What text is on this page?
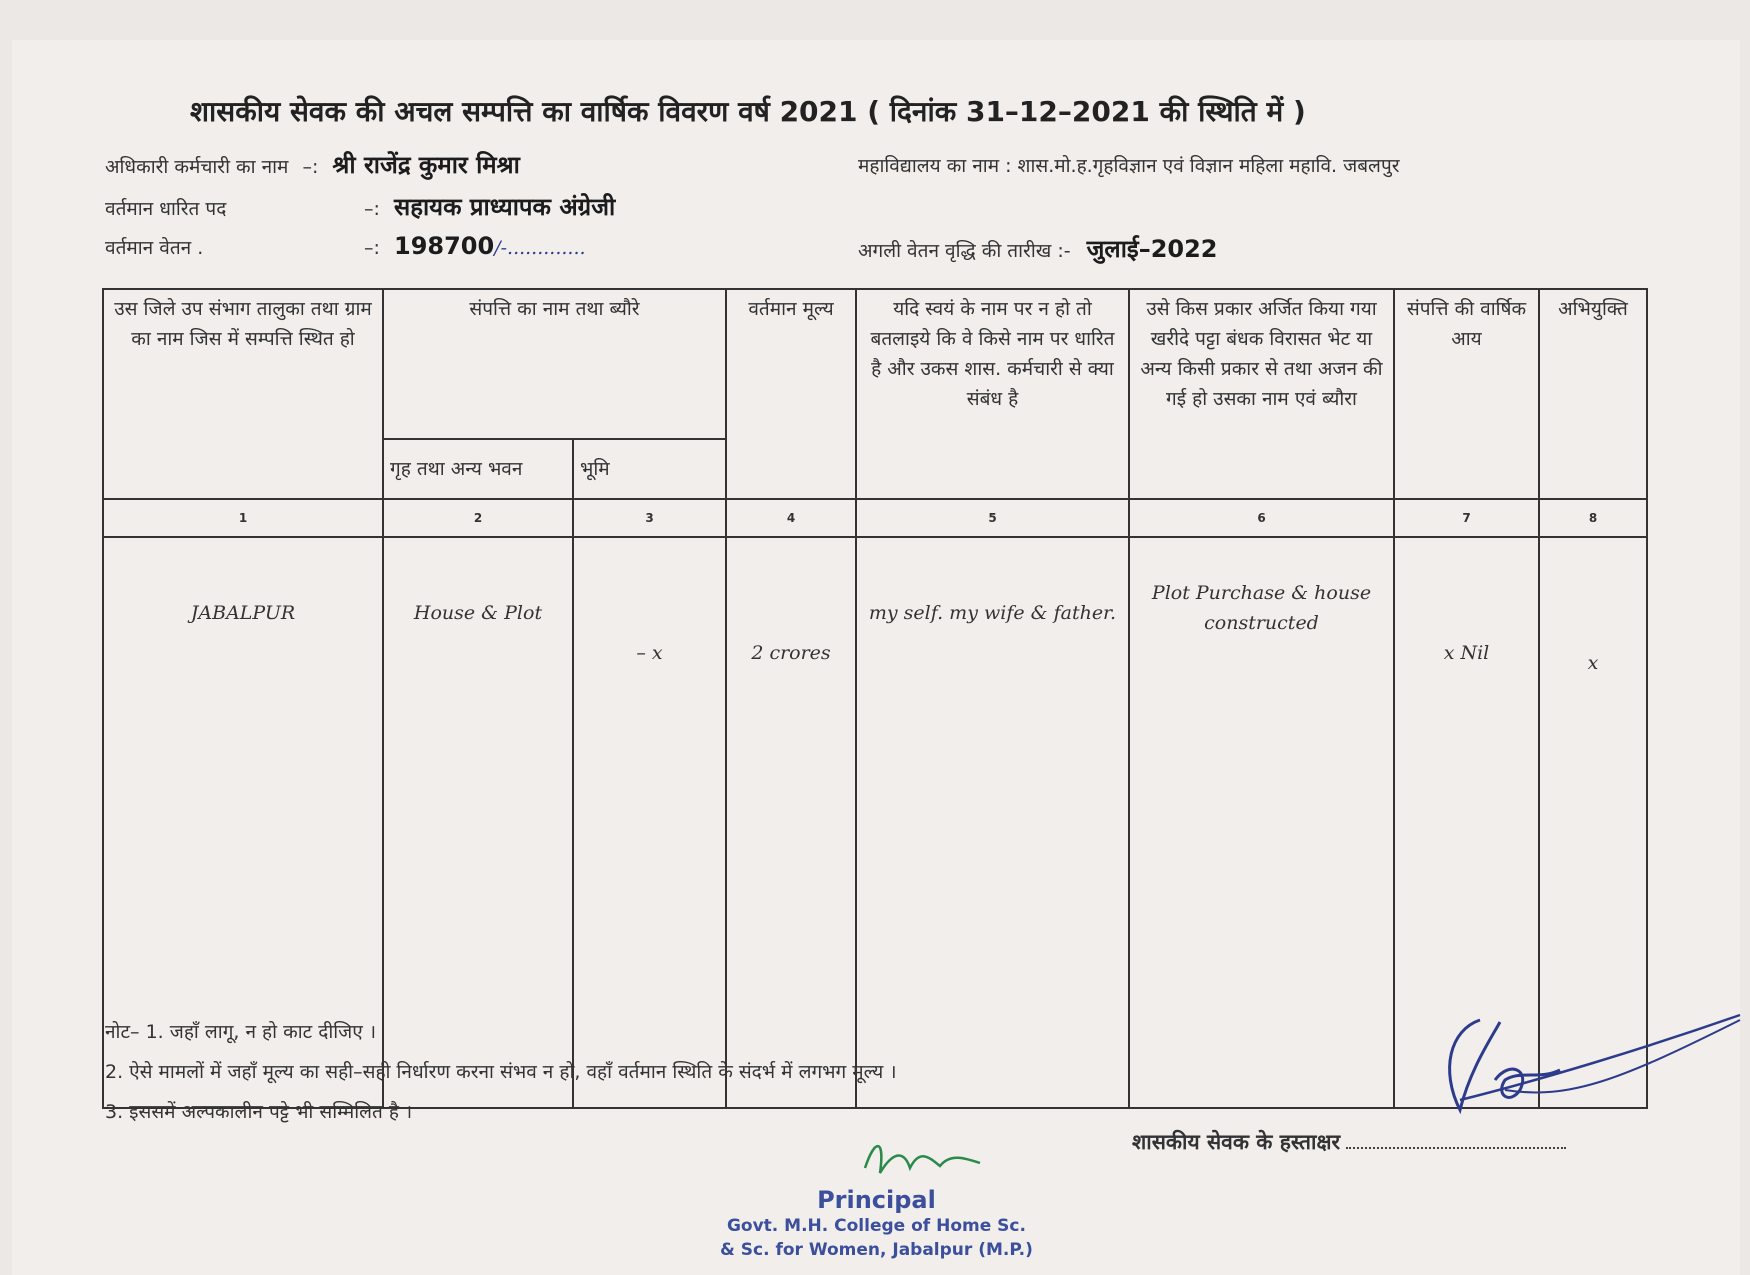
शासकीय सेवक की अचल सम्पत्ति का वार्षिक विवरण वर्ष 2021 ( दिनांक 31–12–2021 की स्थिति में )
अधिकारी कर्मचारी का नाम –: श्री राजेंद्र कुमार मिश्रा	महाविद्यालय का नाम : शास.मो.ह.गृहविज्ञान एवं विज्ञान महिला महावि. जबलपुर
वर्तमान धारित पद	–: सहायक प्राध्यापक अंग्रेजी
वर्तमान वेतन .	–: 198700/-.............	अगली वेतन वृद्धि की तारीख :- जुलाई–2022
उस जिले उप संभाग तालुका तथा ग्राम का नाम जिस में सम्पत्ति स्थित हो	संपत्ति का नाम तथा ब्यौरे		वर्तमान मूल्य	यदि स्वयं के नाम पर न हो तो बतलाइये कि वे किसे नाम पर धारित है और उकस शास. कर्मचारी से क्या संबंध है	उसे किस प्रकार अर्जित किया गया खरीदे पट्टा बंधक विरासत भेट या अन्य किसी प्रकार से तथा अजन की गई हो उसका नाम एवं ब्यौरा	संपत्ति की वार्षिक आय	अभियुक्ति
	गृह तथा अन्य भवन	भूमि					
1	2	3	4	5	6	7	8
JABALPUR	House & Plot	– x	2 crores	my self. my wife & father.	Plot Purchase & house constructed	x Nil	x
नोट– 1. जहाँ लागू, न हो काट दीजिए ।
2. ऐसे मामलों में जहाँ मूल्य का सही–सही निर्धारण करना संभव न हो, वहाँ वर्तमान स्थिति के संदर्भ में लगभग मूल्य ।
3. इससमें अल्पकालीन पट्टे भी सम्मिलित है ।
शासकीय सेवक के हस्ताक्षर
Principal
Govt. M.H. College of Home Sc.
& Sc. for Women, Jabalpur (M.P.)
